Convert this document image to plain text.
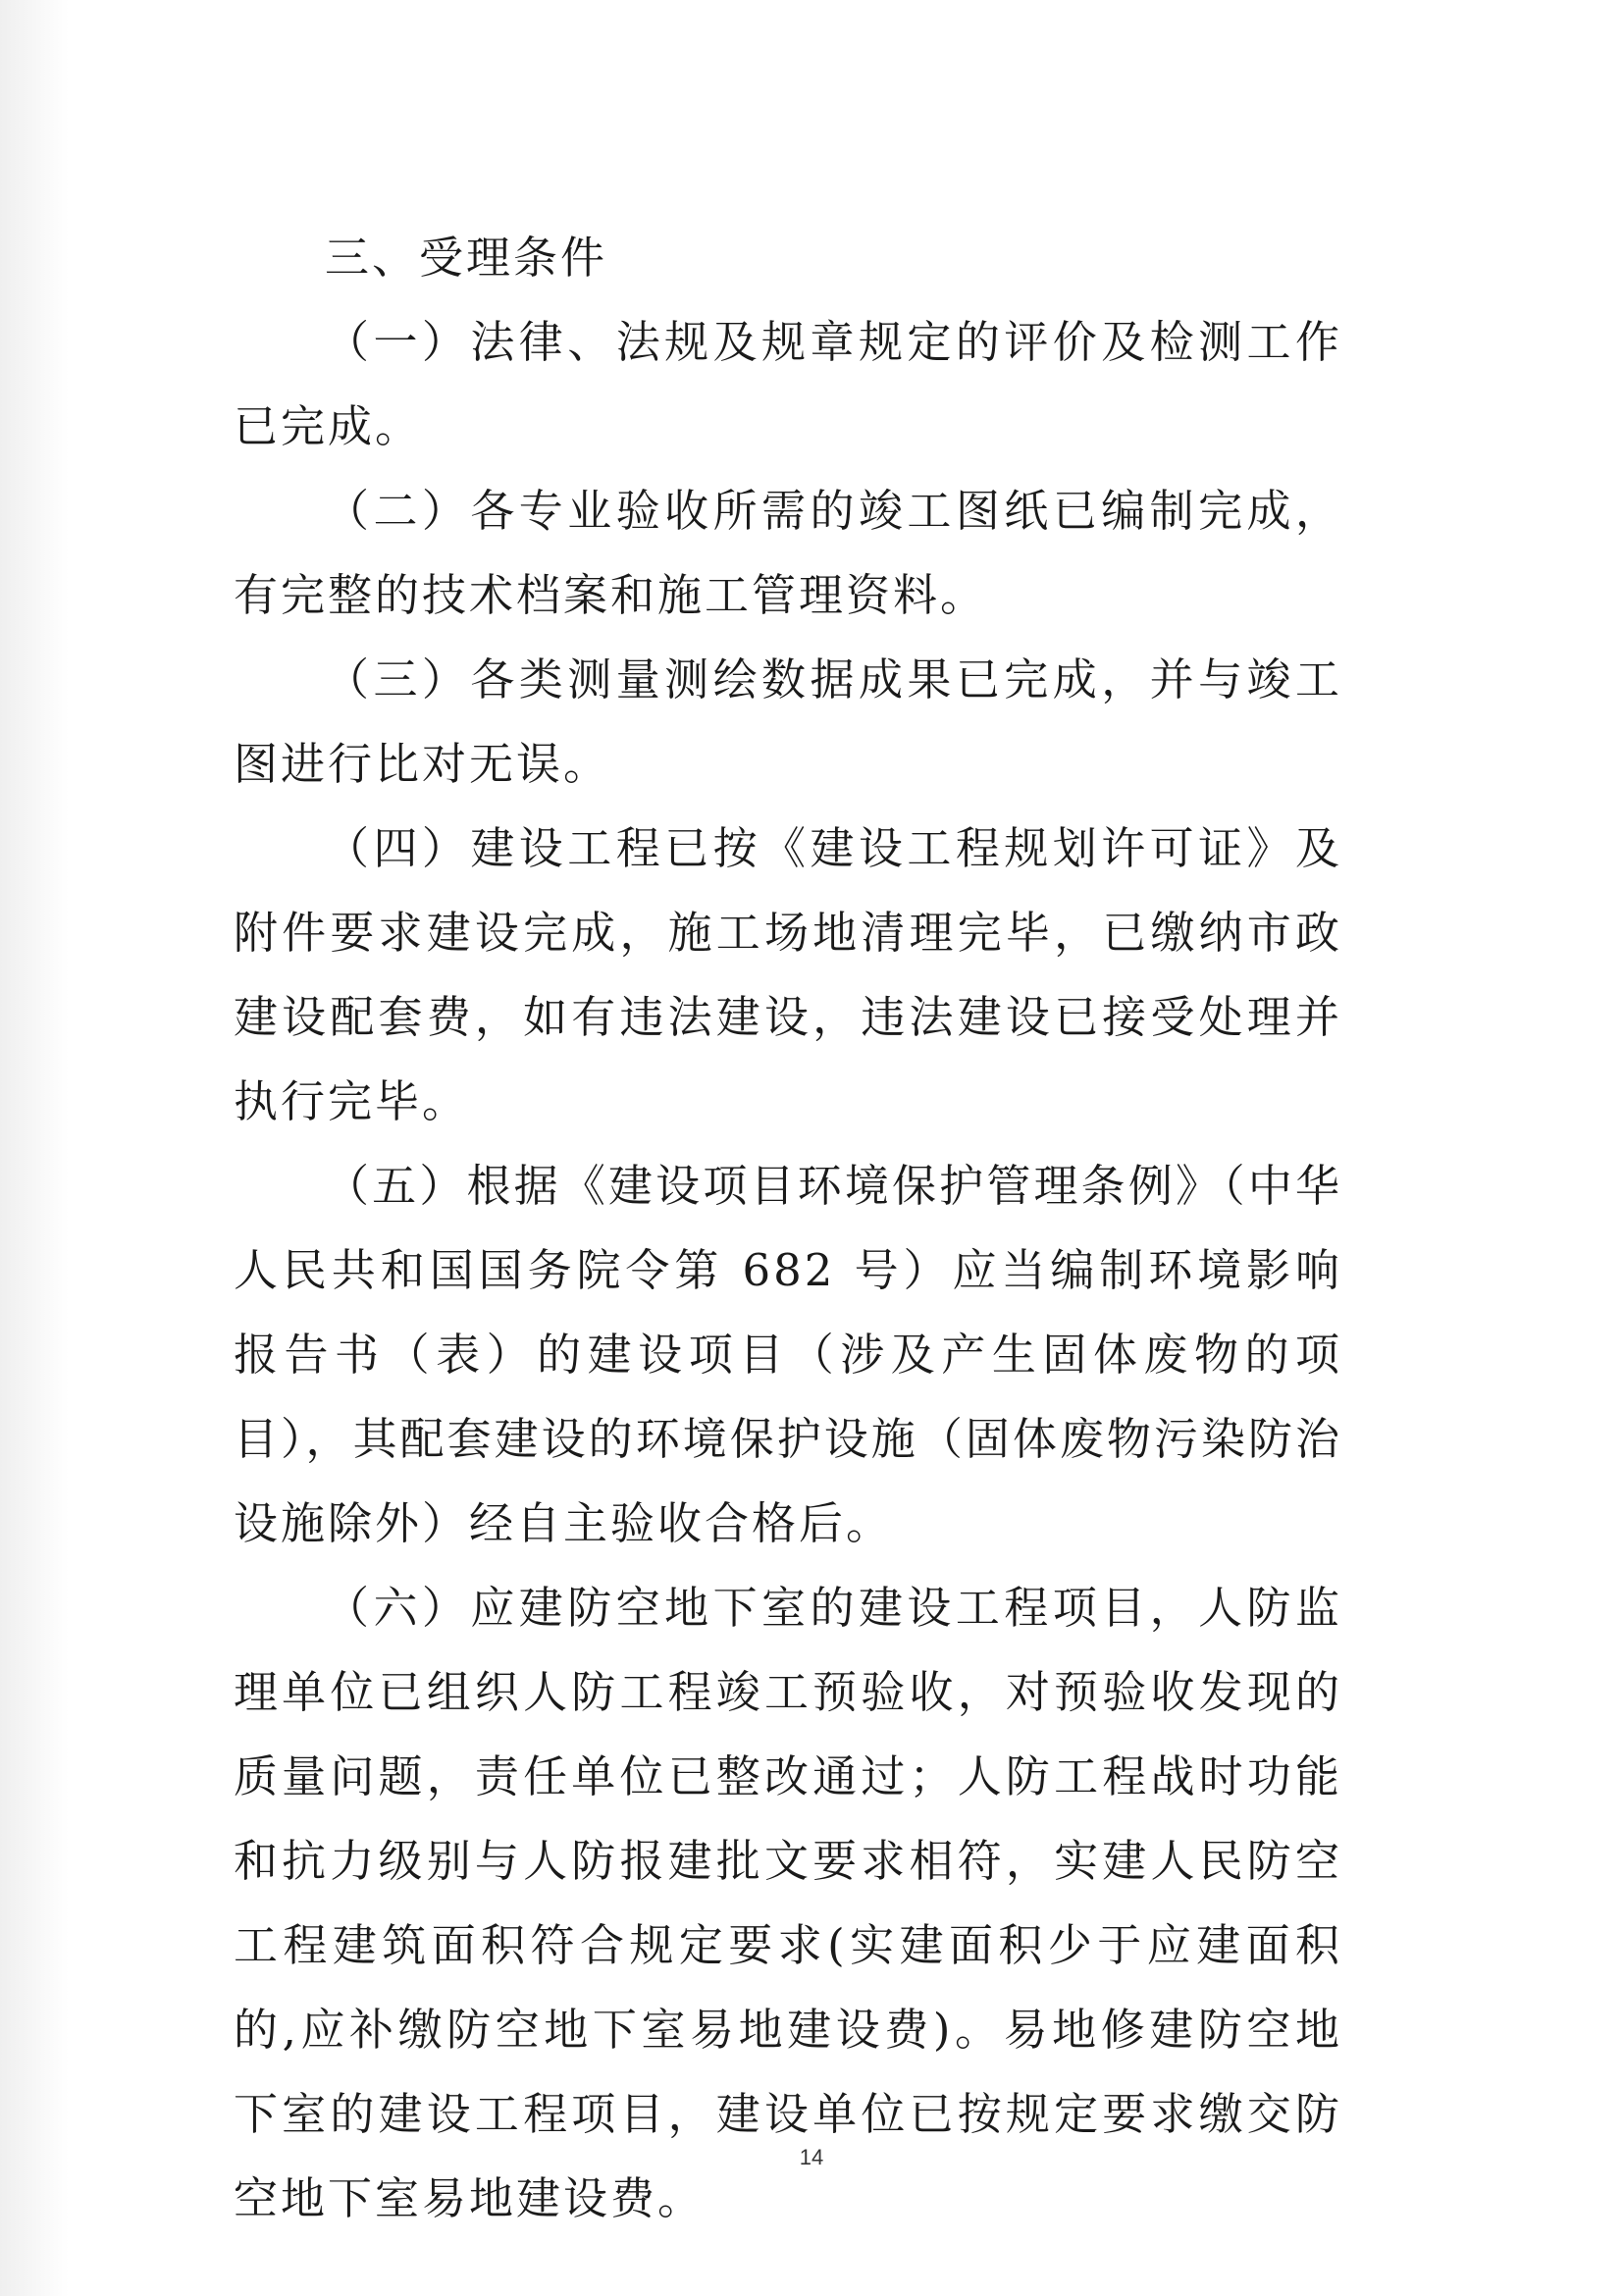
三、受理条件

（一）法律、法规及规章规定的评价及检测工作已完成。

（二）各专业验收所需的竣工图纸已编制完成，有完整的技术档案和施工管理资料。

（三）各类测量测绘数据成果已完成，并与竣工图进行比对无误。

（四）建设工程已按《建设工程规划许可证》及附件要求建设完成，施工场地清理完毕，已缴纳市政建设配套费，如有违法建设，违法建设已接受处理并执行完毕。

（五）根据《建设项目环境保护管理条例》（中华人民共和国国务院令第 682 号）应当编制环境影响报告书（表）的建设项目（涉及产生固体废物的项目），其配套建设的环境保护设施（固体废物污染防治设施除外）经自主验收合格后。

（六）应建防空地下室的建设工程项目，人防监理单位已组织人防工程竣工预验收，对预验收发现的质量问题，责任单位已整改通过；人防工程战时功能和抗力级别与人防报建批文要求相符，实建人民防空工程建筑面积符合规定要求(实建面积少于应建面积的,应补缴防空地下室易地建设费)。易地修建防空地下室的建设工程项目，建设单位已按规定要求缴交防空地下室易地建设费。

14
